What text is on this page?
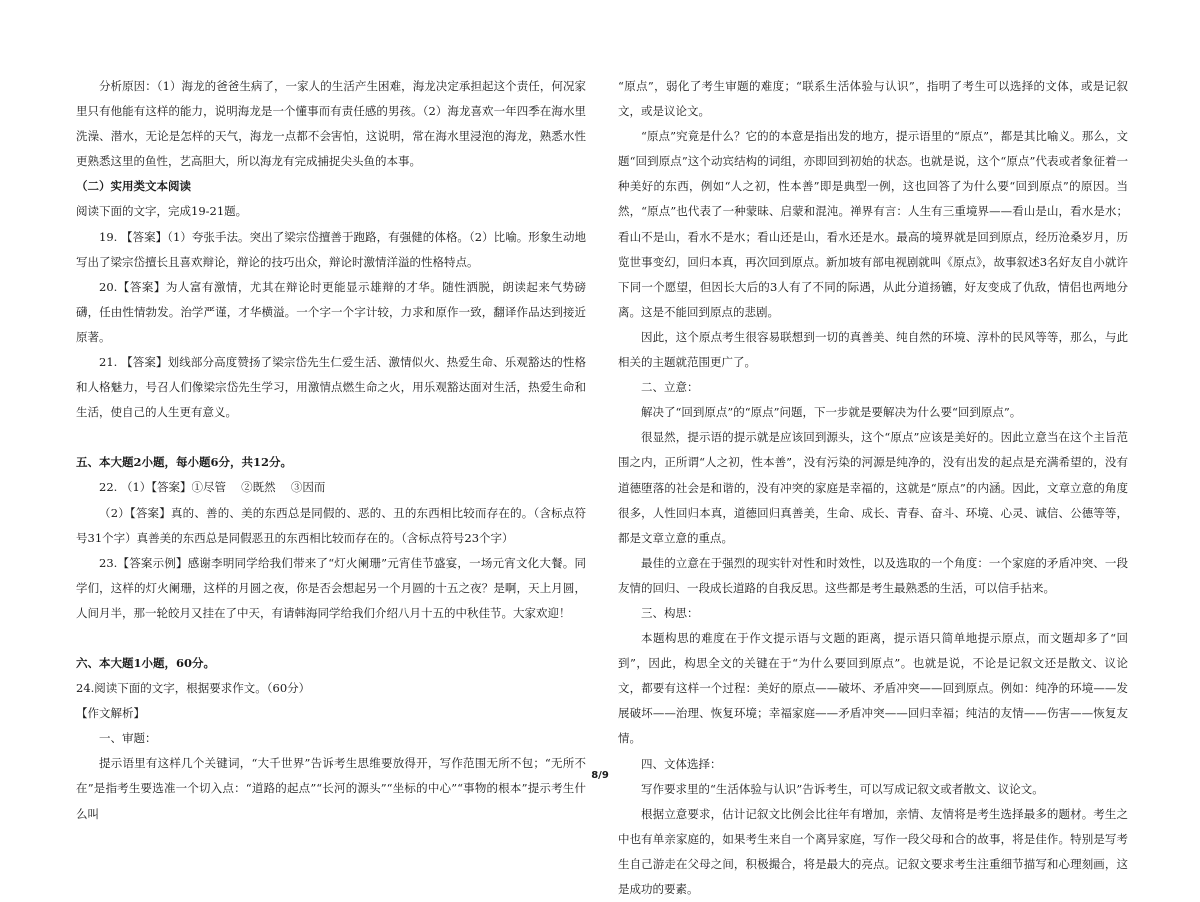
分析原因：（1）海龙的爸爸生病了，一家人的生活产生困难，海龙决定承担起这个责任，何况家里只有他能有这样的能力，说明海龙是一个懂事而有责任感的男孩。（2）海龙喜欢一年四季在海水里洗澡、潜水，无论是怎样的天气，海龙一点都不会害怕，这说明，常在海水里浸泡的海龙，熟悉水性更熟悉这里的鱼性，艺高胆大，所以海龙有完成捕捉尖头鱼的本事。

（二）实用类文本阅读

阅读下面的文字，完成19-21题。

19. 【答案】（1）夸张手法。突出了梁宗岱擅善于跑路，有强健的体格。（2）比喻。形象生动地写出了梁宗岱擅长且喜欢辩论，辩论的技巧出众，辩论时激情洋溢的性格特点。

20.【答案】为人富有激情，尤其在辩论时更能显示雄辩的才华。随性洒脱，朗读起来气势磅礴，任由性情勃发。治学严谨，才华横溢。一个字一个字计较，力求和原作一致，翻译作品达到接近原著。

21. 【答案】划线部分高度赞扬了梁宗岱先生仁爱生活、激情似火、热爱生命、乐观豁达的性格和人格魅力，号召人们像梁宗岱先生学习，用激情点燃生命之火，用乐观豁达面对生活，热爱生命和生活，使自己的人生更有意义。

五、本大题2小题，每小题6分，共12分。

22. （1）【答案】①尽管　 ②既然　 ③因而

（2）【答案】真的、善的、美的东西总是同假的、恶的、丑的东西相比较而存在的。（含标点符号31个字）真善美的东西总是同假恶丑的东西相比较而存在的。（含标点符号23个字）

23.【答案示例】感谢李明同学给我们带来了“灯火阑珊”元宵佳节盛宴，一场元宵文化大餐。同学们，这样的灯火阑珊，这样的月圆之夜，你是否会想起另一个月圆的十五之夜？是啊，天上月圆，人间月半，那一轮皎月又挂在了中天，有请韩海同学给我们介绍八月十五的中秋佳节。大家欢迎！

六、本大题1小题，60分。

24.阅读下面的文字，根据要求作文。（60分）

【作文解析】

一、审题：

提示语里有这样几个关键词，“大千世界”告诉考生思维要放得开，写作范围无所不包；“无所不在”是指考生要选准一个切入点：“道路的起点”“长河的源头”“坐标的中心”“事物的根本”提示考生什么叫

“原点”，弱化了考生审题的难度；“联系生活体验与认识”，指明了考生可以选择的文体，或是记叙文，或是议论文。

“原点”究竟是什么？它的的本意是指出发的地方，提示语里的“原点”，都是其比喻义。那么，文题“回到原点”这个动宾结构的词组，亦即回到初始的状态。也就是说，这个“原点”代表或者象征着一种美好的东西，例如“人之初，性本善”即是典型一例，这也回答了为什么要“回到原点”的原因。当然，“原点”也代表了一种蒙昧、启蒙和混沌。禅界有言：人生有三重境界——看山是山，看水是水；看山不是山，看水不是水；看山还是山，看水还是水。最高的境界就是回到原点，经历沧桑岁月，历览世事变幻，回归本真，再次回到原点。新加坡有部电视剧就叫《原点》，故事叙述3名好友自小就许下同一个愿望，但因长大后的3人有了不同的际遇，从此分道扬镳，好友变成了仇敌，情侣也两地分离。这是不能回到原点的悲剧。

因此，这个原点考生很容易联想到一切的真善美、纯自然的环境、淳朴的民风等等，那么，与此相关的主题就范围更广了。

二、立意：

解决了“回到原点”的“原点”问题，下一步就是要解决为什么要“回到原点”。

很显然，提示语的提示就是应该回到源头，这个“原点”应该是美好的。因此立意当在这个主旨范围之内，正所谓“人之初，性本善”，没有污染的河源是纯净的，没有出发的起点是充满希望的，没有道德堕落的社会是和谐的，没有冲突的家庭是幸福的，这就是“原点”的内涵。因此，文章立意的角度很多，人性回归本真，道德回归真善美，生命、成长、青春、奋斗、环境、心灵、诚信、公德等等，都是文章立意的重点。

最佳的立意在于强烈的现实针对性和时效性，以及选取的一个角度：一个家庭的矛盾冲突、一段友情的回归、一段成长道路的自我反思。这些都是考生最熟悉的生活，可以信手拈来。

三、构思：

本题构思的难度在于作文提示语与文题的距离，提示语只简单地提示原点，而文题却多了“回到”，因此，构思全文的关键在于“为什么要回到原点”。也就是说，不论是记叙文还是散文、议论文，都要有这样一个过程：美好的原点——破坏、矛盾冲突——回到原点。例如：纯净的环境——发展破坏——治理、恢复环境；幸福家庭——矛盾冲突——回归幸福；纯洁的友情——伤害——恢复友情。

四、文体选择：

写作要求里的“生活体验与认识”告诉考生，可以写成记叙文或者散文、议论文。

根据立意要求，估计记叙文比例会比往年有增加，亲情、友情将是考生选择最多的题材。考生之中也有单亲家庭的，如果考生来自一个离异家庭，写作一段父母和合的故事，将是佳作。特别是写考生自己游走在父母之间，积极撮合，将是最大的亮点。记叙文要求考生注重细节描写和心理刻画，这是成功的要素。

8/9
